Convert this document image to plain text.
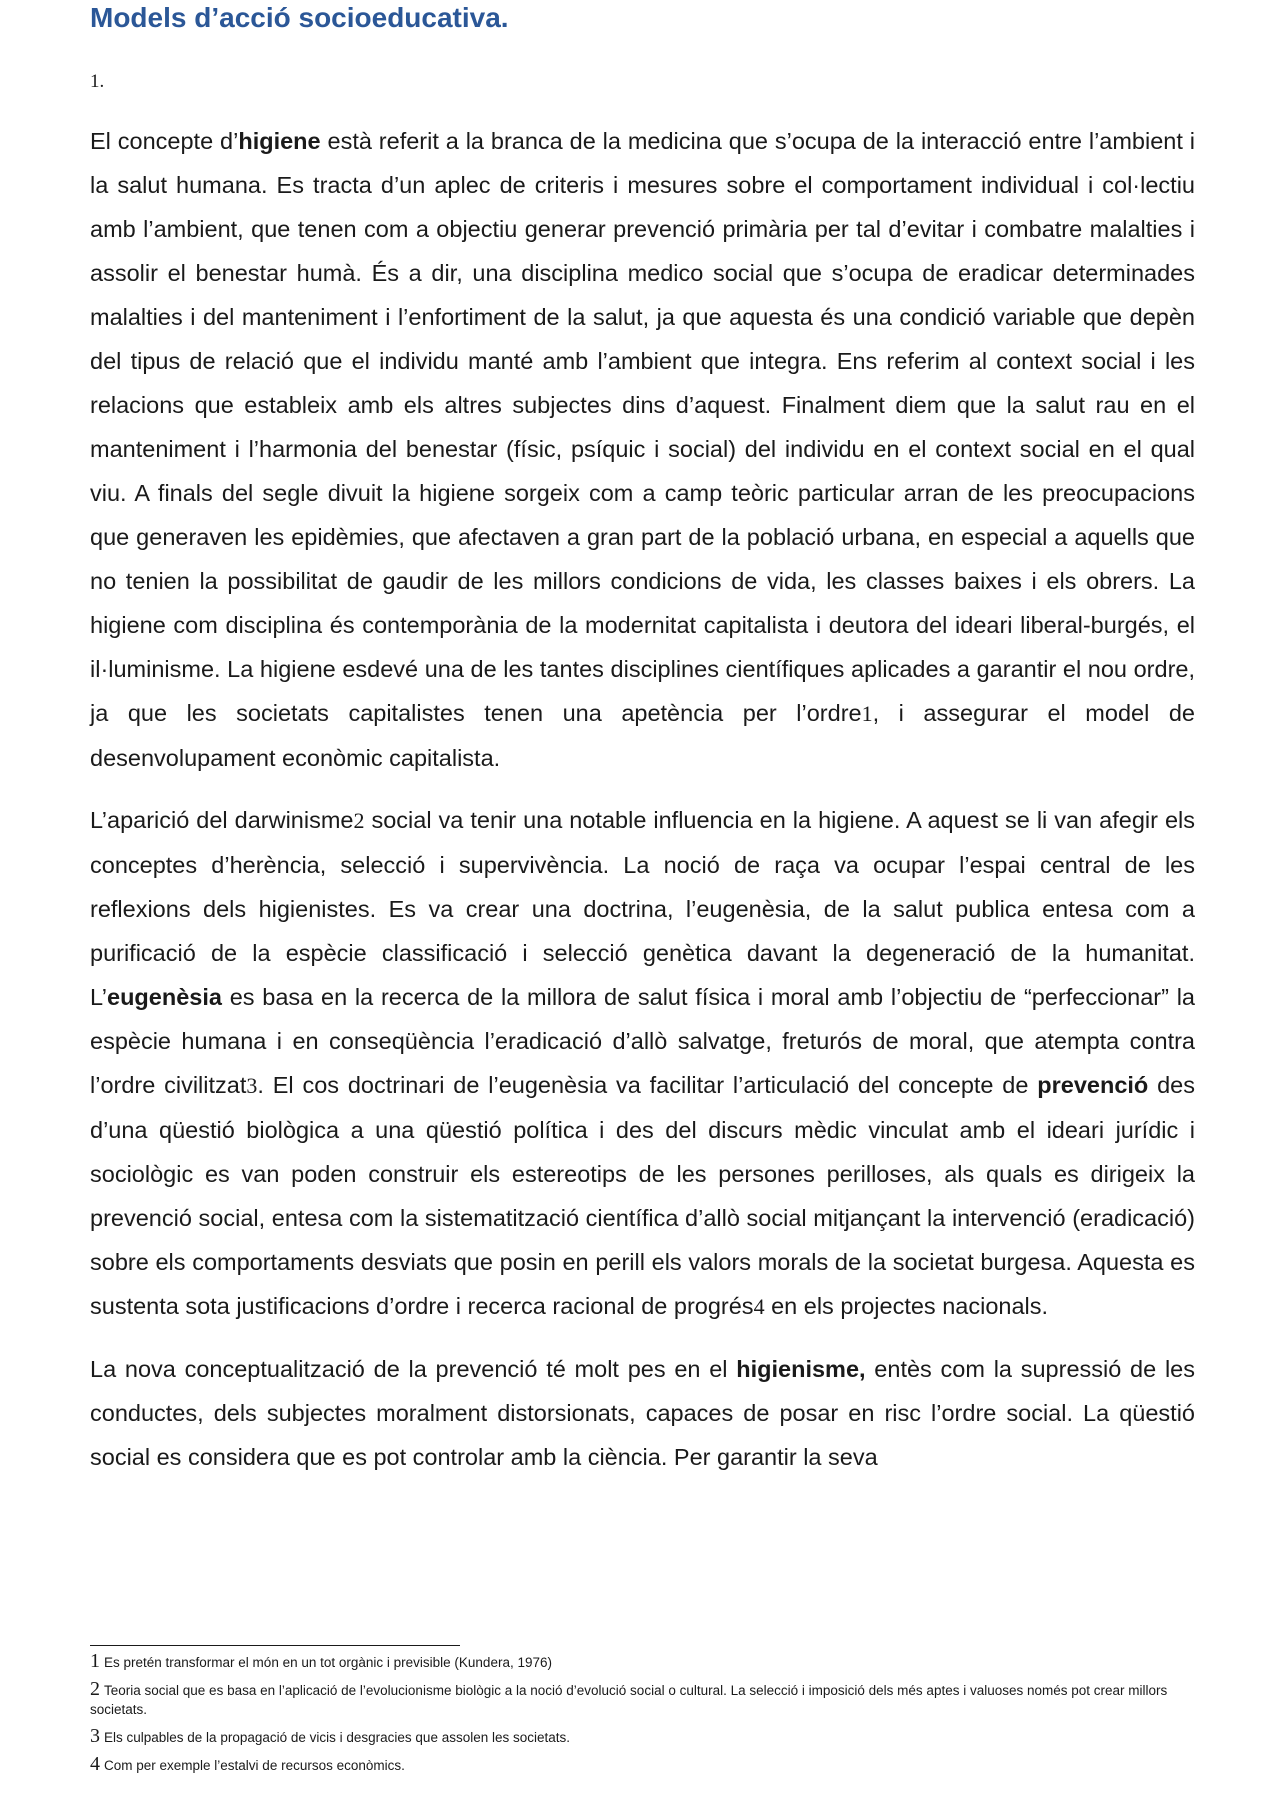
Models d’acció socioeducativa.

1.

El concepte d’higiene està referit a la branca de la medicina que s’ocupa de la interacció entre l’ambient i la salut humana. Es tracta d’un aplec de criteris i mesures sobre el comportament individual i col·lectiu amb l’ambient, que tenen com a objectiu generar prevenció primària per tal d’evitar i combatre malalties i assolir el benestar humà. És a dir, una disciplina medico social que s’ocupa de eradicar determinades malalties i del manteniment i l’enfortiment de la salut, ja que aquesta és una condició variable que depèn del tipus de relació que el individu manté amb l’ambient que integra. Ens referim al context social i les relacions que estableix amb els altres subjectes dins d’aquest. Finalment diem que la salut rau en el manteniment i l’harmonia del benestar (físic, psíquic i social) del individu en el context social en el qual viu. A finals del segle divuit la higiene sorgeix com a camp teòric particular arran de les preocupacions que generaven les epidèmies, que afectaven a gran part de la població urbana, en especial a aquells que no tenien la possibilitat de gaudir de les millors condicions de vida, les classes baixes i els obrers. La higiene com disciplina és contemporània de la modernitat capitalista i deutora del ideari liberal-burgés, el il·luminisme. La higiene esdevé una de les tantes disciplines científiques aplicades a garantir el nou ordre, ja que les societats capitalistes tenen una apetència per l’ordre1, i assegurar el model de desenvolupament econòmic capitalista.

L’aparició del darwinisme2 social va tenir una notable influencia en la higiene. A aquest se li van afegir els conceptes d’herència, selecció i supervivència. La noció de raça va ocupar l’espai central de les reflexions dels higienistes. Es va crear una doctrina, l’eugenèsia, de la salut publica entesa com a purificació de la espècie classificació i selecció genètica davant la degeneració de la humanitat. L’eugenèsia es basa en la recerca de la millora de salut física i moral amb l’objectiu de “perfeccionar” la espècie humana i en conseqüència l’eradicació d’allò salvatge, freturós de moral, que atempta contra l’ordre civilitzat3. El cos doctrinari de l’eugenèsia va facilitar l’articulació del concepte de prevenció des d’una qüestió biològica a una qüestió política i des del discurs mèdic vinculat amb el ideari jurídic i sociològic es van poden construir els estereotips de les persones perilloses, als quals es dirigeix la prevenció social, entesa com la sistematització científica d’allò social mitjançant la intervenció (eradicació) sobre els comportaments desviats que posin en perill els valors morals de la societat burgesa. Aquesta es sustenta sota justificacions d’ordre i recerca racional de progrés4 en els projectes nacionals.

La nova conceptualització de la prevenció té molt pes en el higienisme, entès com la supressió de les conductes, dels subjectes moralment distorsionats, capaces de posar en risc l’ordre social. La qüestió social es considera que es pot controlar amb la ciència. Per garantir la seva

1 Es pretén transformar el món en un tot orgànic i previsible (Kundera, 1976)

2 Teoria social que es basa en l’aplicació de l’evolucionisme biològic a la noció d’evolució social o cultural. La selecció i imposició dels més aptes i valuoses només pot crear millors societats.

3 Els culpables de la propagació de vicis i desgracies que assolen les societats.

4 Com per exemple l’estalvi de recursos econòmics.
